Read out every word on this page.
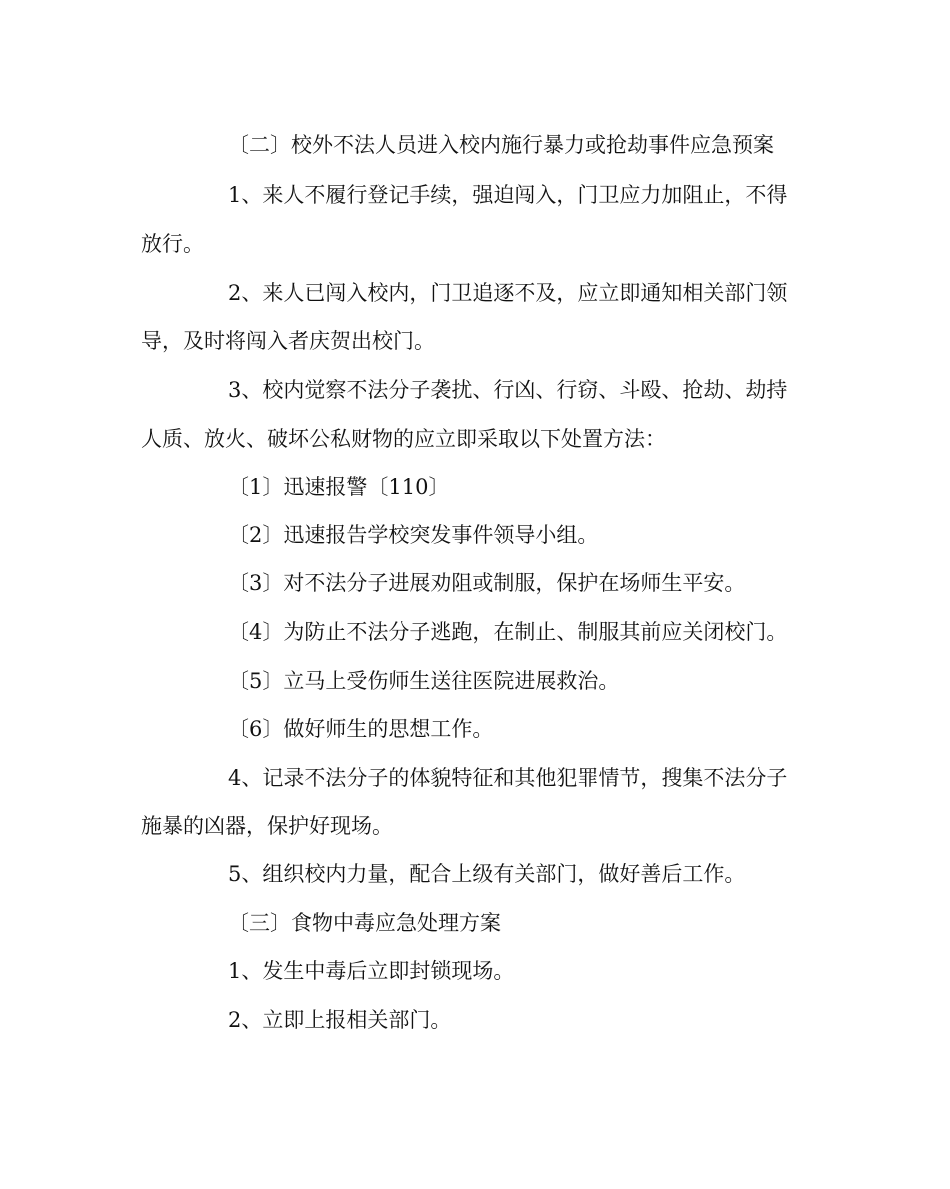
〔二〕校外不法人员进入校内施行暴力或抢劫事件应急预案
1、来人不履行登记手续，强迫闯入，门卫应力加阻止，不得
放行。
2、来人已闯入校内，门卫追逐不及，应立即通知相关部门领
导，及时将闯入者庆贺出校门。
3、校内觉察不法分子袭扰、行凶、行窃、斗殴、抢劫、劫持
人质、放火、破坏公私财物的应立即采取以下处置方法：
〔1〕迅速报警〔110〕
〔2〕迅速报告学校突发事件领导小组。
〔3〕对不法分子进展劝阻或制服，保护在场师生平安。
〔4〕为防止不法分子逃跑，在制止、制服其前应关闭校门。
〔5〕立马上受伤师生送往医院进展救治。
〔6〕做好师生的思想工作。
4、记录不法分子的体貌特征和其他犯罪情节，搜集不法分子
施暴的凶器，保护好现场。
5、组织校内力量，配合上级有关部门，做好善后工作。
〔三〕食物中毒应急处理方案
1、发生中毒后立即封锁现场。
2、立即上报相关部门。
